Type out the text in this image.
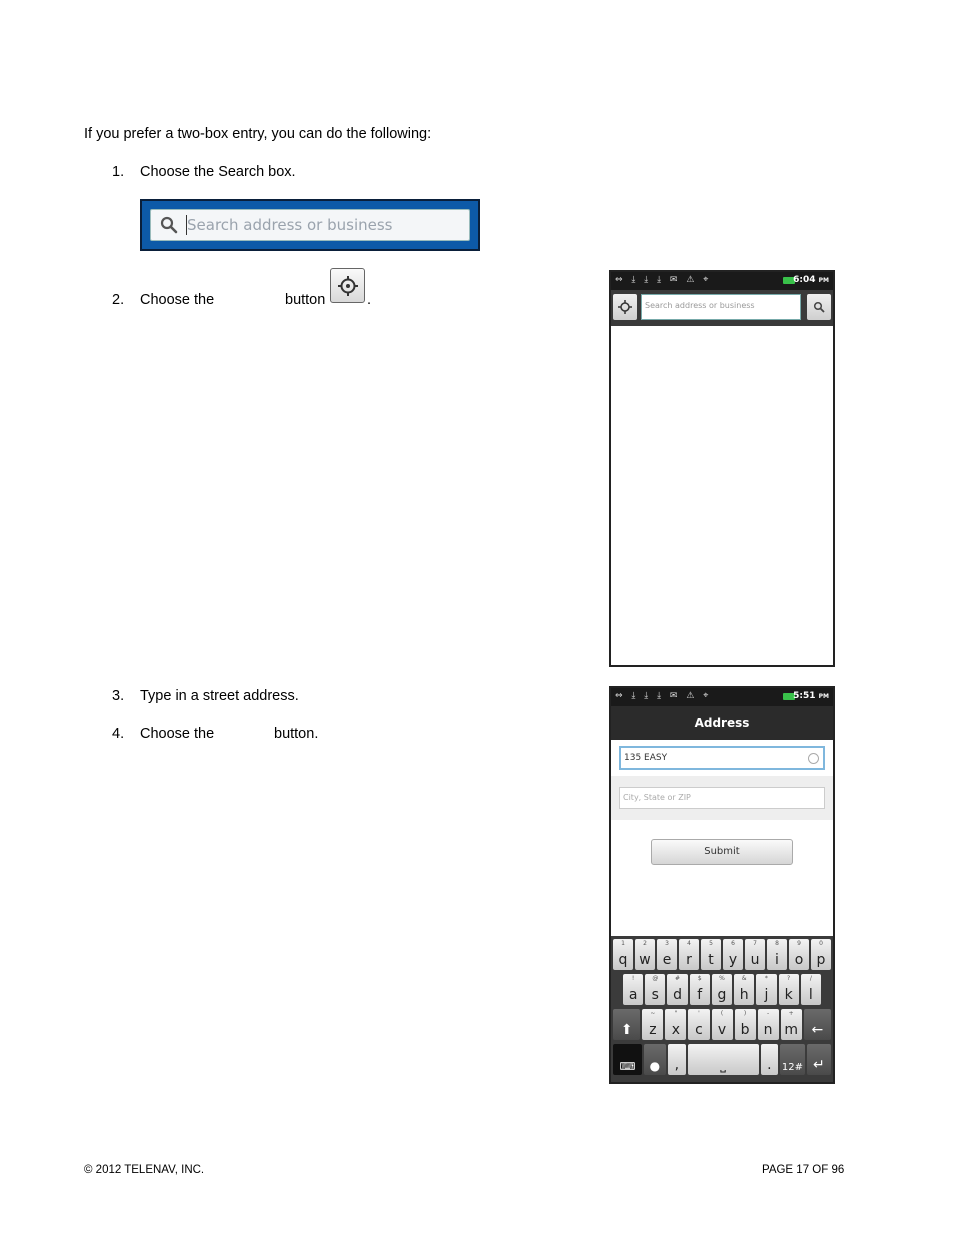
If you prefer a two-box entry, you can do the following:
1. Choose the Search box.
Search address or business
2. Choose the	button	.
⇔ ⤓ ⤓ ⤓ ✉ ⚠ ⌖	6:04 PM
Search address or business
3. Type in a street address.
4. Choose the	button.
⇔ ⤓ ⤓ ⤓ ✉ ⚠ ⌖	5:51 PM
Address
135 EASY
City, State or ZIP
Submit
1
q
2
w
3
e
4
r
5
t
6
y
7
u
8
i
9
o
0
p
!
a
@
s
#
d
$
f
%
g
&
h
*
j
?
k
/
l
⬆
~
z
"
x
'
c
(
v
)
b
-
n
+
m ←
⌨	●	,	⎵	.	12# ↵
© 2012 TELENAV, INC.	PAGE 17 OF 96
